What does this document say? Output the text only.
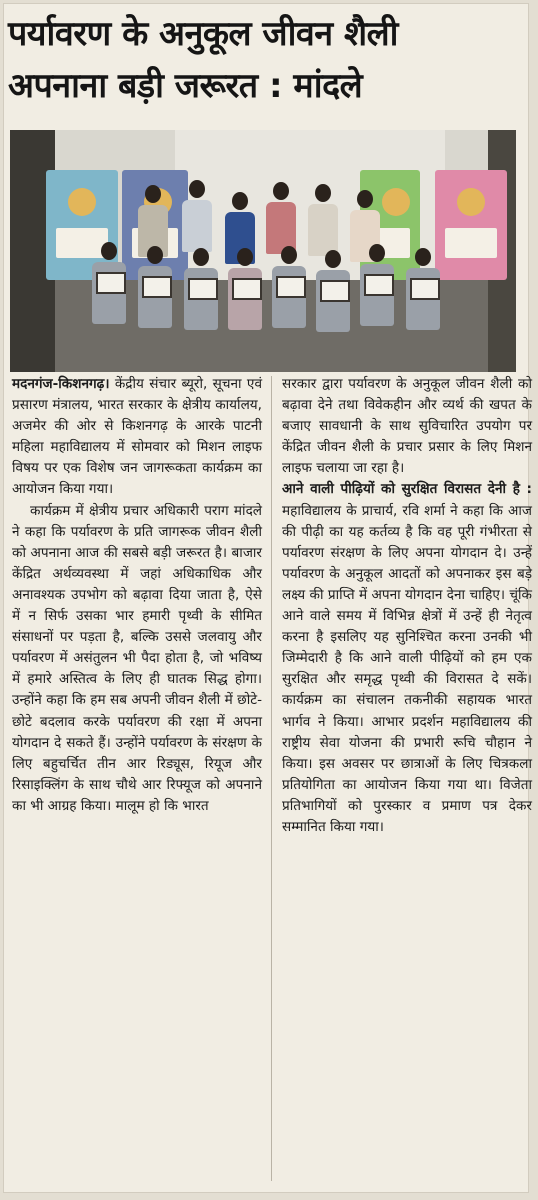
पर्यावरण के अनुकूल जीवन शैली
अपनाना बड़ी जरूरत : मांदले

मदनगंज-किशनगढ़। केंद्रीय संचार ब्यूरो, सूचना एवं प्रसारण मंत्रालय, भारत सरकार के क्षेत्रीय कार्यालय, अजमेर की ओर से किशनगढ़ के आरके पाटनी महिला महाविद्यालय में सोमवार को मिशन लाइफ विषय पर एक विशेष जन जागरूकता कार्यक्रम का आयोजन किया गया।

कार्यक्रम में क्षेत्रीय प्रचार अधिकारी पराग मांदले ने कहा कि पर्यावरण के प्रति जागरूक जीवन शैली को अपनाना आज की सबसे बड़ी जरूरत है। बाजार केंद्रित अर्थव्यवस्था में जहां अधिकाधिक और अनावश्यक उपभोग को बढ़ावा दिया जाता है, ऐसे में न सिर्फ उसका भार हमारी पृथ्वी के सीमित संसाधनों पर पड़ता है, बल्कि उससे जलवायु और पर्यावरण में असंतुलन भी पैदा होता है, जो भविष्य में हमारे अस्तित्व के लिए ही घातक सिद्ध होगा। उन्होंने कहा कि हम सब अपनी जीवन शैली में छोटे-छोटे बदलाव करके पर्यावरण की रक्षा में अपना योगदान दे सकते हैं। उन्होंने पर्यावरण के संरक्षण के लिए बहुचर्चित तीन आर रिड्यूस, रियूज और रिसाइक्लिंग के साथ चौथे आर रिफ्यूज को अपनाने का भी आग्रह किया। मालूम हो कि भारत

सरकार द्वारा पर्यावरण के अनुकूल जीवन शैली को बढ़ावा देने तथा विवेकहीन और व्यर्थ की खपत के बजाए सावधानी के साथ सुविचारित उपयोग पर केंद्रित जीवन शैली के प्रचार प्रसार के लिए मिशन लाइफ चलाया जा रहा है।

आने वाली पीढ़ियों को सुरक्षित विरासत देनी है : महाविद्यालय के प्राचार्य, रवि शर्मा ने कहा कि आज की पीढ़ी का यह कर्तव्य है कि वह पूरी गंभीरता से पर्यावरण संरक्षण के लिए अपना योगदान दे। उन्हें पर्यावरण के अनुकूल आदतों को अपनाकर इस बड़े लक्ष्य की प्राप्ति में अपना योगदान देना चाहिए। चूंकि आने वाले समय में विभिन्न क्षेत्रों में उन्हें ही नेतृत्व करना है इसलिए यह सुनिश्चित करना उनकी भी जिम्मेदारी है कि आने वाली पीढ़ियों को हम एक सुरक्षित और समृद्ध पृथ्वी की विरासत दे सकें। कार्यक्रम का संचालन तकनीकी सहायक भारत भार्गव ने किया। आभार प्रदर्शन महाविद्यालय की राष्ट्रीय सेवा योजना की प्रभारी रूचि चौहान ने किया। इस अवसर पर छात्राओं के लिए चित्रकला प्रतियोगिता का आयोजन किया गया था। विजेता प्रतिभागियों को पुरस्कार व प्रमाण पत्र देकर सम्मानित किया गया।
